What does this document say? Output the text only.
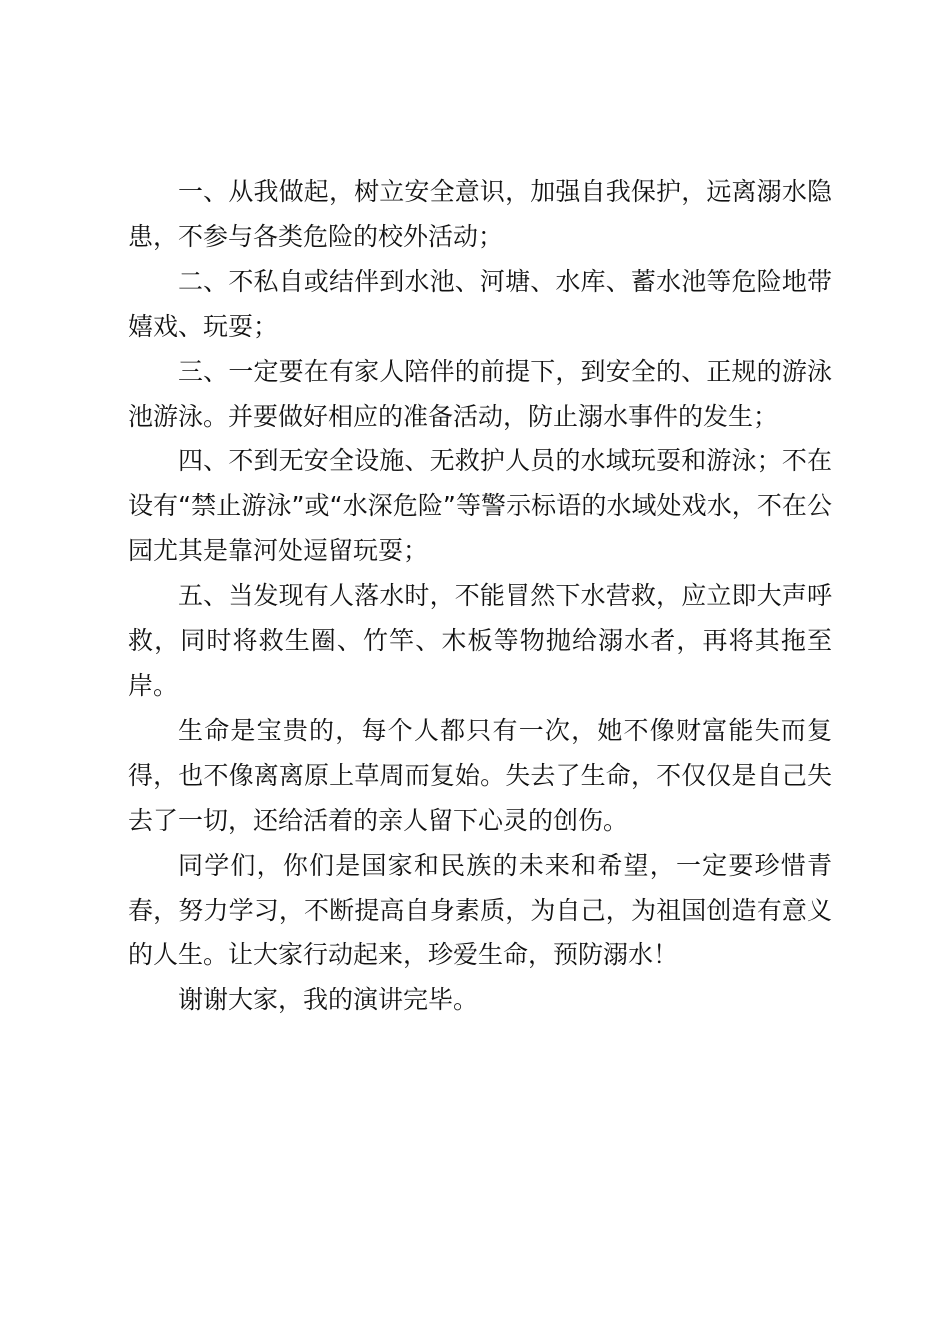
一、从我做起，树立安全意识，加强自我保护，远离溺水隐患，不参与各类危险的校外活动；

二、不私自或结伴到水池、河塘、水库、蓄水池等危险地带嬉戏、玩耍；

三、一定要在有家人陪伴的前提下，到安全的、正规的游泳池游泳。并要做好相应的准备活动，防止溺水事件的发生；

四、不到无安全设施、无救护人员的水域玩耍和游泳；不在设有“禁止游泳”或“水深危险”等警示标语的水域处戏水，不在公园尤其是靠河处逗留玩耍；

五、当发现有人落水时，不能冒然下水营救，应立即大声呼救，同时将救生圈、竹竿、木板等物抛给溺水者，再将其拖至岸。

生命是宝贵的，每个人都只有一次，她不像财富能失而复得，也不像离离原上草周而复始。失去了生命，不仅仅是自己失去了一切，还给活着的亲人留下心灵的创伤。

同学们，你们是国家和民族的未来和希望，一定要珍惜青春，努力学习，不断提高自身素质，为自己，为祖国创造有意义的人生。让大家行动起来，珍爱生命，预防溺水！

谢谢大家，我的演讲完毕。
